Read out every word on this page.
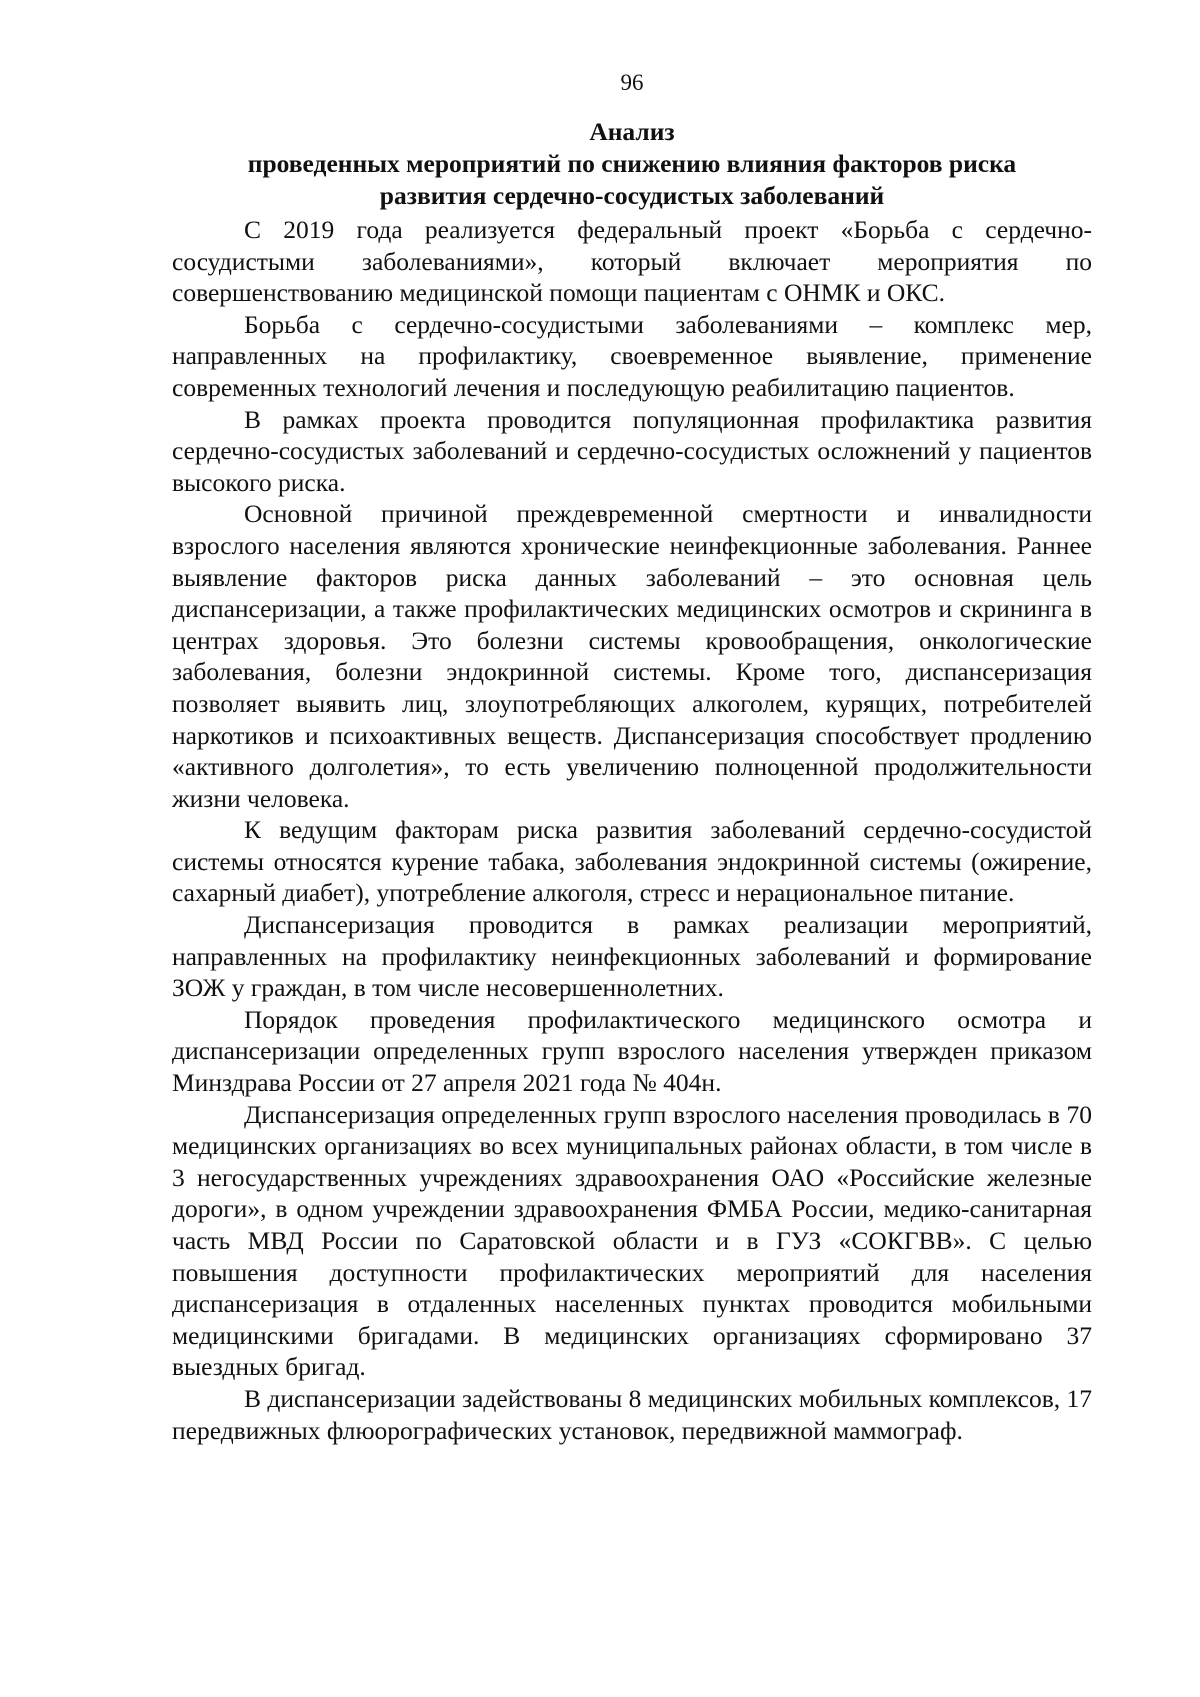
96

Анализ

проведенных мероприятий по снижению влияния факторов риска

развития сердечно-сосудистых заболеваний

С 2019 года реализуется федеральный проект «Борьба с сердечно-сосудистыми заболеваниями», который включает мероприятия по совершенствованию медицинской помощи пациентам с ОНМК и ОКС.

Борьба с сердечно-сосудистыми заболеваниями – комплекс мер, направленных на профилактику, своевременное выявление, применение современных технологий лечения и последующую реабилитацию пациентов.

В рамках проекта проводится популяционная профилактика развития сердечно-сосудистых заболеваний и сердечно-сосудистых осложнений у пациентов высокого риска.

Основной причиной преждевременной смертности и инвалидности взрослого населения являются хронические неинфекционные заболевания. Раннее выявление факторов риска данных заболеваний – это основная цель диспансеризации, а также профилактических медицинских осмотров и скрининга в центрах здоровья. Это болезни системы кровообращения, онкологические заболевания, болезни эндокринной системы. Кроме того, диспансеризация позволяет выявить лиц, злоупотребляющих алкоголем, курящих, потребителей наркотиков и психоактивных веществ. Диспансеризация способствует продлению «активного долголетия», то есть увеличению полноценной продолжительности жизни человека.

К ведущим факторам риска развития заболеваний сердечно-сосудистой системы относятся курение табака, заболевания эндокринной системы (ожирение, сахарный диабет), употребление алкоголя, стресс и нерациональное питание.

Диспансеризация проводится в рамках реализации мероприятий, направленных на профилактику неинфекционных заболеваний и формирование ЗОЖ у граждан, в том числе несовершеннолетних.

Порядок проведения профилактического медицинского осмотра и диспансеризации определенных групп взрослого населения утвержден приказом Минздрава России от 27 апреля 2021 года № 404н.

Диспансеризация определенных групп взрослого населения проводилась в 70 медицинских организациях во всех муниципальных районах области, в том числе в 3 негосударственных учреждениях здравоохранения ОАО «Российские железные дороги», в одном учреждении здравоохранения ФМБА России, медико-санитарная часть МВД России по Саратовской области и в ГУЗ «СОКГВВ». С целью повышения доступности профилактических мероприятий для населения диспансеризация в отдаленных населенных пунктах проводится мобильными медицинскими бригадами. В медицинских организациях сформировано 37 выездных бригад.

В диспансеризации задействованы 8 медицинских мобильных комплексов, 17 передвижных флюорографических установок, передвижной маммограф.
